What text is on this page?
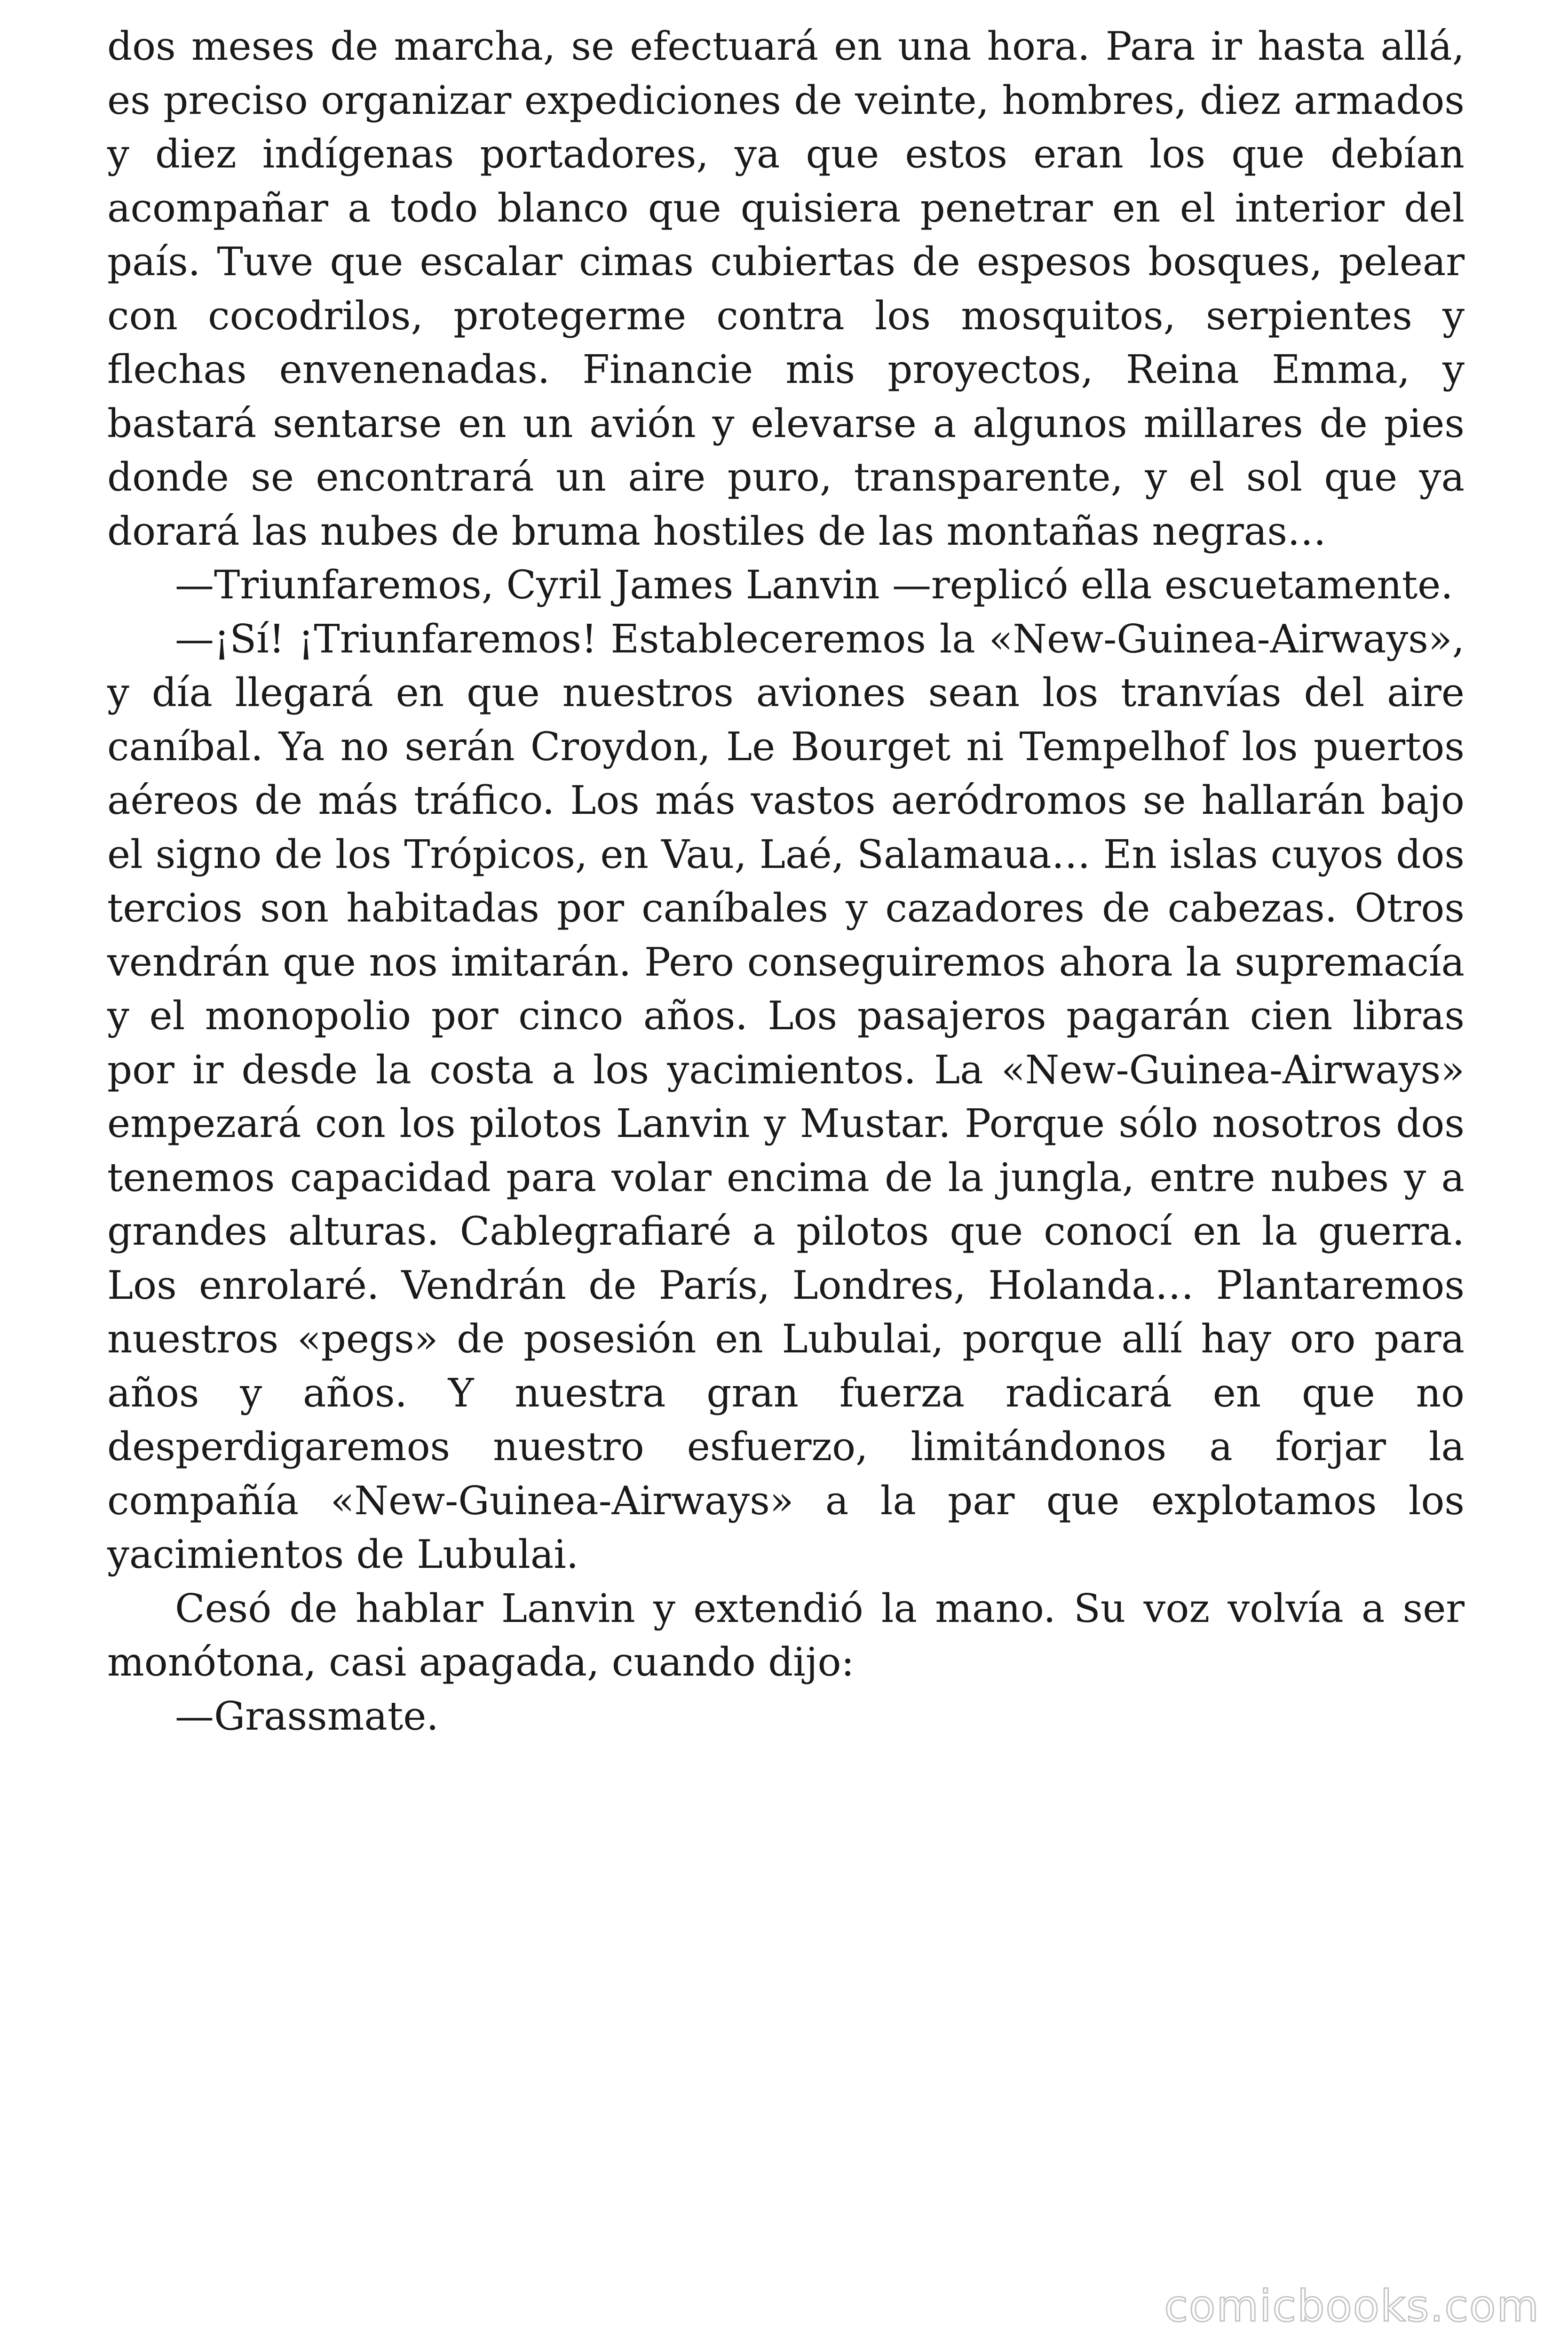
dos meses de marcha, se efectuará en una hora. Para ir hasta allá, es preciso organizar expediciones de veinte, hombres, diez armados y diez indígenas portadores, ya que estos eran los que debían acompañar a todo blanco que quisiera penetrar en el interior del país. Tuve que escalar cimas cubiertas de espesos bosques, pelear con cocodrilos, protegerme contra los mosquitos, serpientes y flechas envenenadas. Financie mis proyectos, Reina Emma, y bastará sentarse en un avión y elevarse a algunos millares de pies donde se encontrará un aire puro, transparente, y el sol que ya dorará las nubes de bruma hostiles de las montañas negras…

—Triunfaremos, Cyril James Lanvin —replicó ella escuetamente.

—¡Sí! ¡Triunfaremos! Estableceremos la «New-Guinea-Airways», y día llegará en que nuestros aviones sean los tranvías del aire caníbal. Ya no serán Croydon, Le Bourget ni Tempelhof los puertos aéreos de más tráfico. Los más vastos aeródromos se hallarán bajo el signo de los Trópicos, en Vau, Laé, Salamaua… En islas cuyos dos tercios son habitadas por caníbales y cazadores de cabezas. Otros vendrán que nos imitarán. Pero conseguiremos ahora la supremacía y el monopolio por cinco años. Los pasajeros pagarán cien libras por ir desde la costa a los yacimientos. La «New-Guinea-Airways» empezará con los pilotos Lanvin y Mustar. Porque sólo nosotros dos tenemos capacidad para volar encima de la jungla, entre nubes y a grandes alturas. Cablegrafiaré a pilotos que conocí en la guerra. Los enrolaré. Vendrán de París, Londres, Holanda… Plantaremos nuestros «pegs» de posesión en Lubulai, porque allí hay oro para años y años. Y nuestra gran fuerza radicará en que no desperdigaremos nuestro esfuerzo, limitándonos a forjar la compañía «New-Guinea-Airways» a la par que explotamos los yacimientos de Lubulai.

Cesó de hablar Lanvin y extendió la mano. Su voz volvía a ser monótona, casi apagada, cuando dijo:

—Grassmate.

comicbooks.com
